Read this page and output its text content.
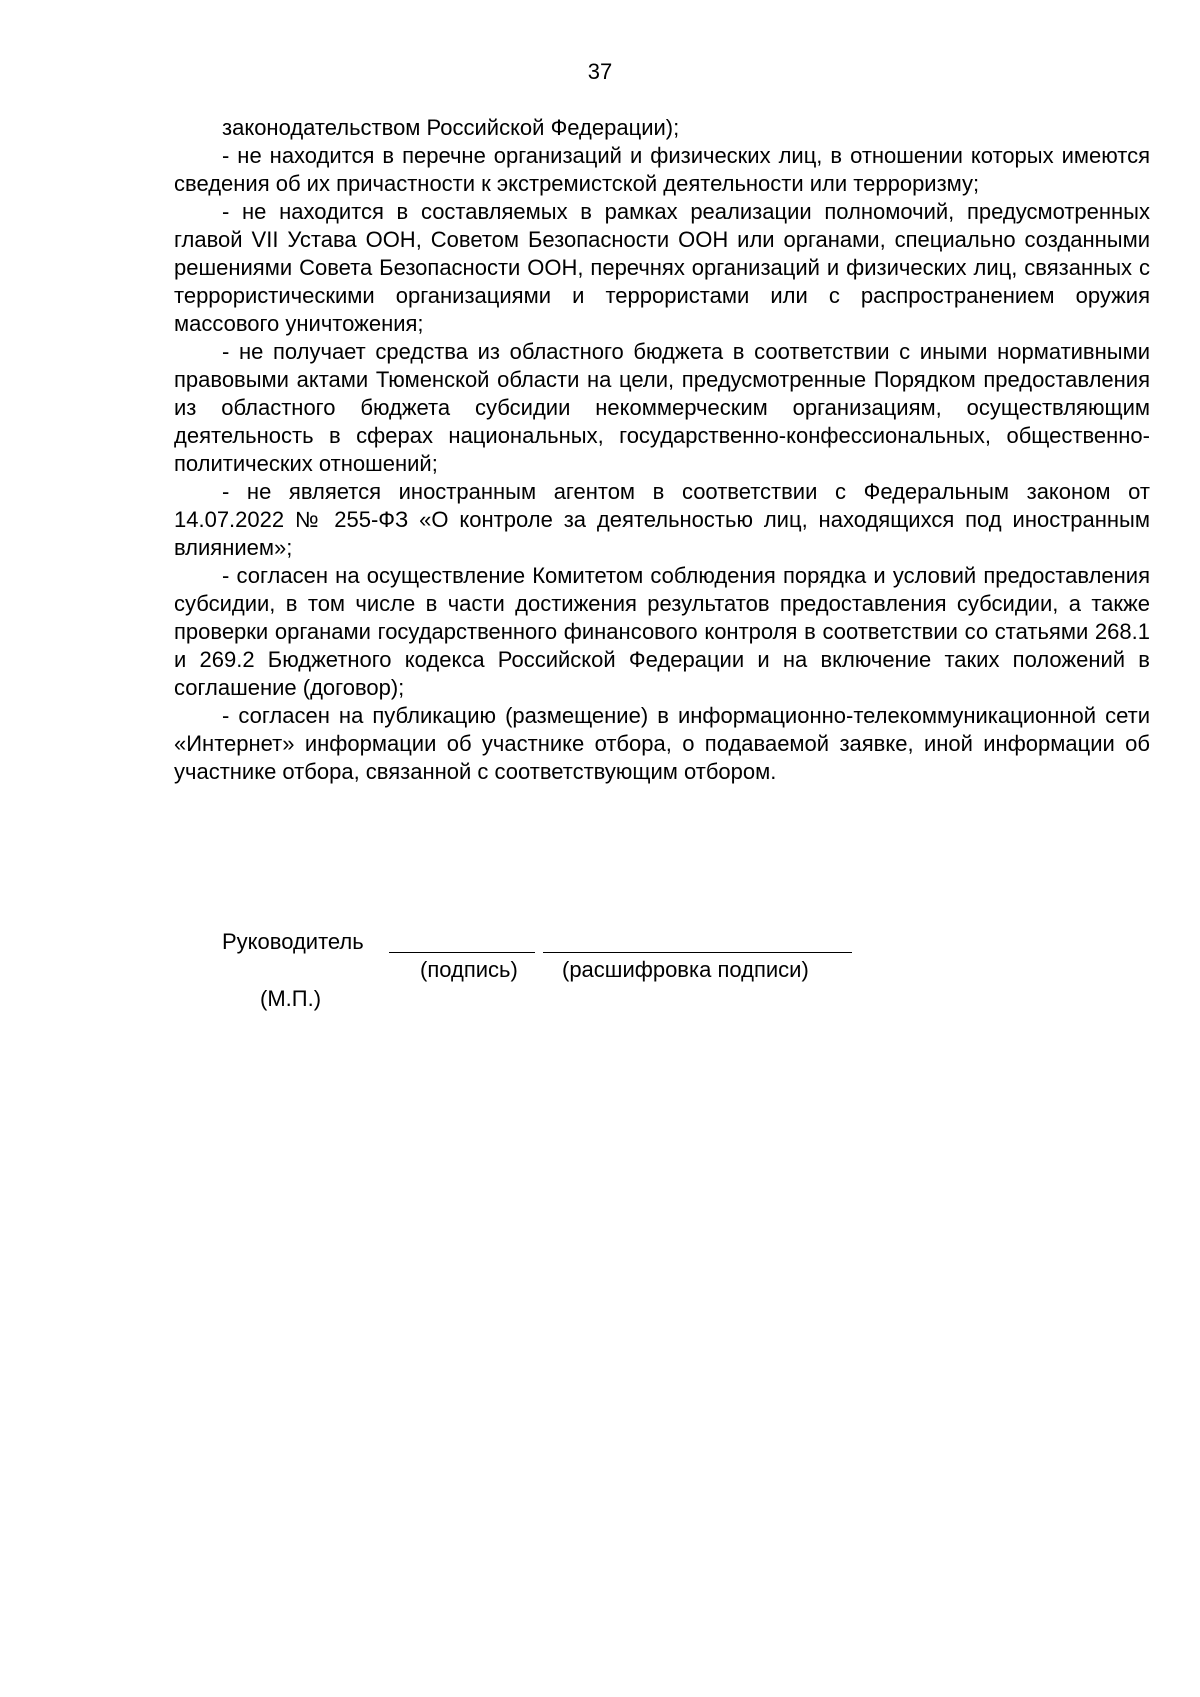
37

законодательством Российской Федерации);

- не находится в перечне организаций и физических лиц, в отношении которых имеются сведения об их причастности к экстремистской деятельности или терроризму;

- не находится в составляемых в рамках реализации полномочий, предусмотренных главой VII Устава ООН, Советом Безопасности ООН или органами, специально созданными решениями Совета Безопасности ООН, перечнях организаций и физических лиц, связанных с террористическими организациями и террористами или с распространением оружия массового уничтожения;

- не получает средства из областного бюджета в соответствии с иными нормативными правовыми актами Тюменской области на цели, предусмотренные Порядком предоставления из областного бюджета субсидии некоммерческим организациям, осуществляющим деятельность в сферах национальных, государственно-конфессиональных, общественно-политических отношений;

- не является иностранным агентом в соответствии с Федеральным законом от 14.07.2022 № 255-ФЗ «О контроле за деятельностью лиц, находящихся под иностранным влиянием»;

- согласен на осуществление Комитетом соблюдения порядка и условий предоставления субсидии, в том числе в части достижения результатов предоставления субсидии, а также проверки органами государственного финансового контроля в соответствии со статьями 268.1 и 269.2 Бюджетного кодекса Российской Федерации и на включение таких положений в соглашение (договор);

- согласен на публикацию (размещение) в информационно-телекоммуникационной сети «Интернет» информации об участнике отбора, о подаваемой заявке, иной информации об участнике отбора, связанной с соответствующим отбором.

Руководитель
(подпись) (расшифровка подписи)
(М.П.)
